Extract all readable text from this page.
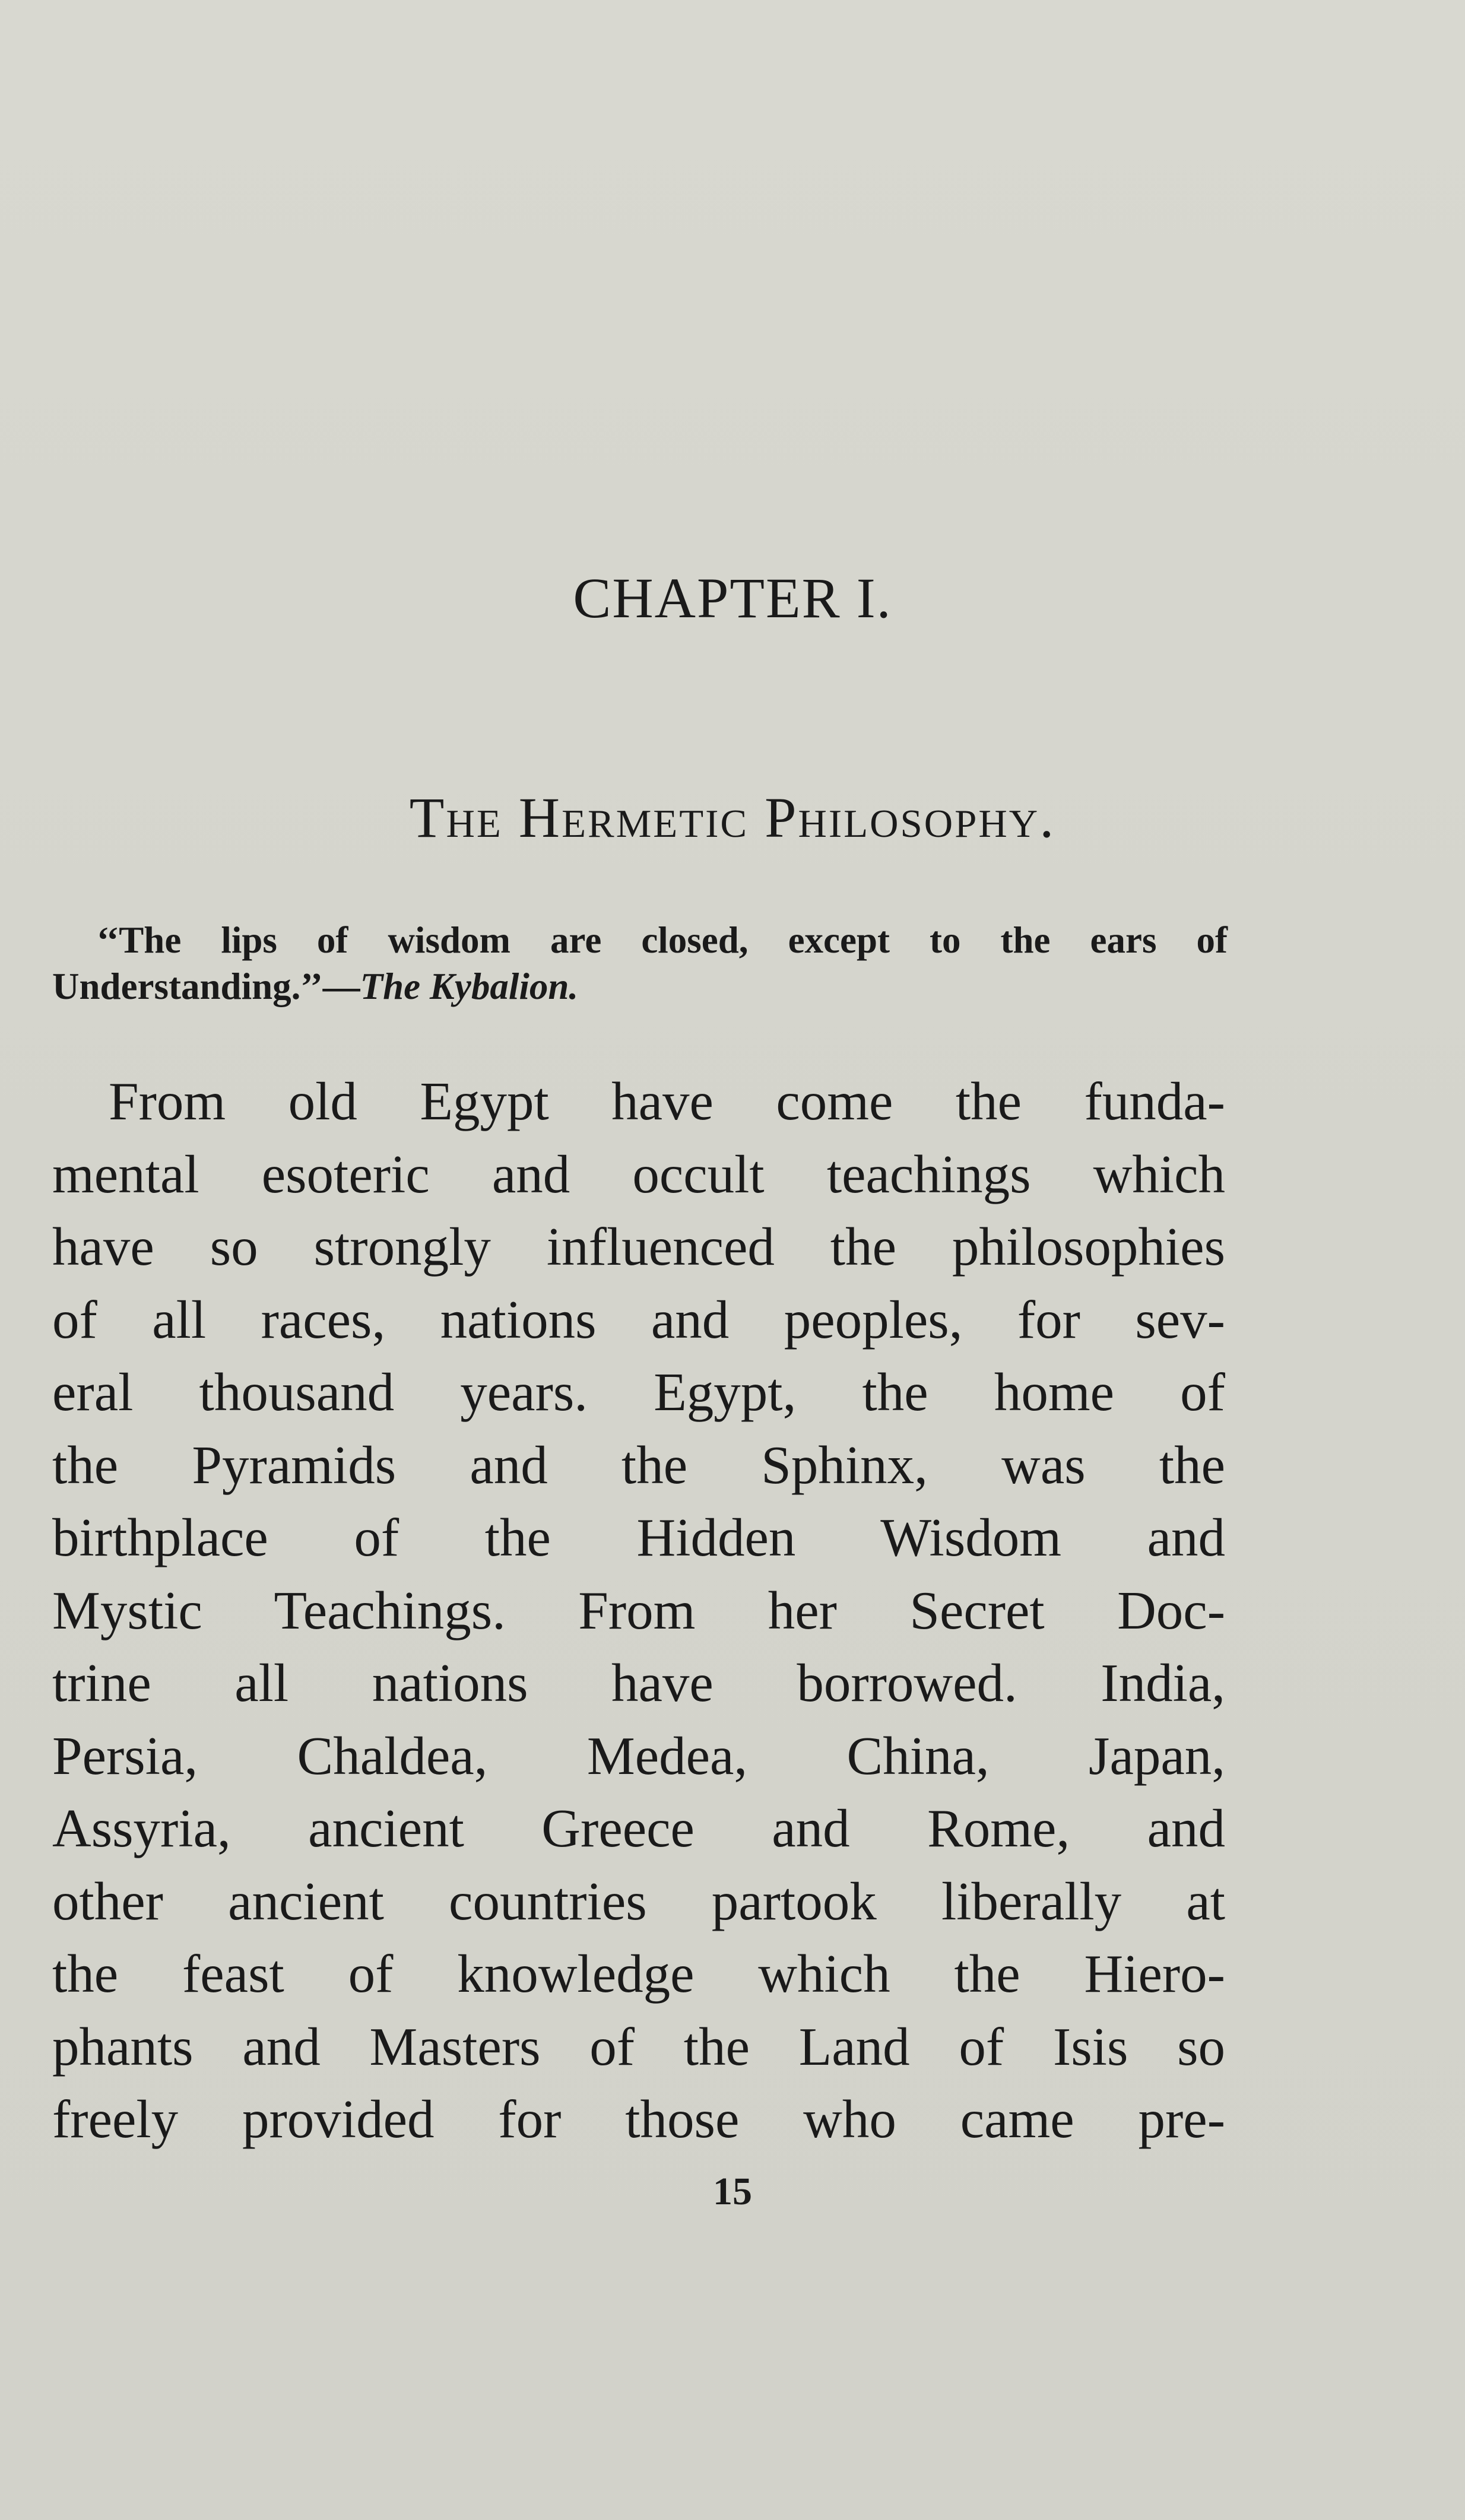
CHAPTER I.
The Hermetic Philosophy.
‘‘The lips of wisdom are closed, except to the ears of Understanding.’’—The Kybalion.
From old Egypt have come the funda-
mental esoteric and occult teachings which
have so strongly influenced the philosophies
of all races, nations and peoples, for sev-
eral thousand years. Egypt, the home of
the Pyramids and the Sphinx, was the
birthplace of the Hidden Wisdom and
Mystic Teachings. From her Secret Doc-
trine all nations have borrowed. India,
Persia, Chaldea, Medea, China, Japan,
Assyria, ancient Greece and Rome, and
other ancient countries partook liberally at
the feast of knowledge which the Hiero-
phants and Masters of the Land of Isis so
freely provided for those who came pre-
15
